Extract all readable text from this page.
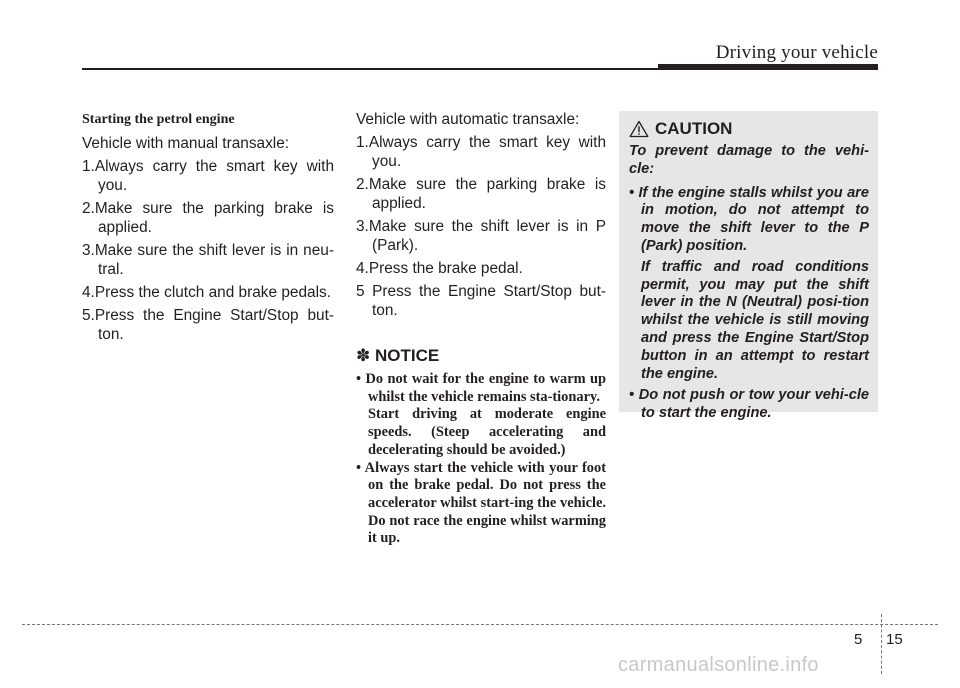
Driving your vehicle
Starting the petrol engine
Vehicle with manual transaxle:
1.Always carry the smart key with you.
2.Make sure the parking brake is applied.
3.Make sure the shift lever is in neu-tral.
4.Press the clutch and brake pedals.
5.Press the Engine Start/Stop but-ton.
Vehicle with automatic transaxle:
1.Always carry the smart key with you.
2.Make sure the parking brake is applied.
3.Make sure the shift lever is in P (Park).
4.Press the brake pedal.
5 Press the Engine Start/Stop but-ton.
✽ NOTICE
• Do not wait for the engine to warm up whilst the vehicle remains sta-tionary.
Start driving at moderate engine speeds. (Steep accelerating and decelerating should be avoided.)
• Always start the vehicle with your foot on the brake pedal. Do not press the accelerator whilst start-ing the vehicle. Do not race the engine whilst warming it up.
CAUTION

To prevent damage to the vehi-cle:

• If the engine stalls whilst you are in motion, do not attempt to move the shift lever to the P (Park) position.
If traffic and road conditions permit, you may put the shift lever in the N (Neutral) posi-tion whilst the vehicle is still moving and press the Engine Start/Stop button in an attempt to restart the engine.
• Do not push or tow your vehi-cle to start the engine.
5 15
carmanualsonline.info
